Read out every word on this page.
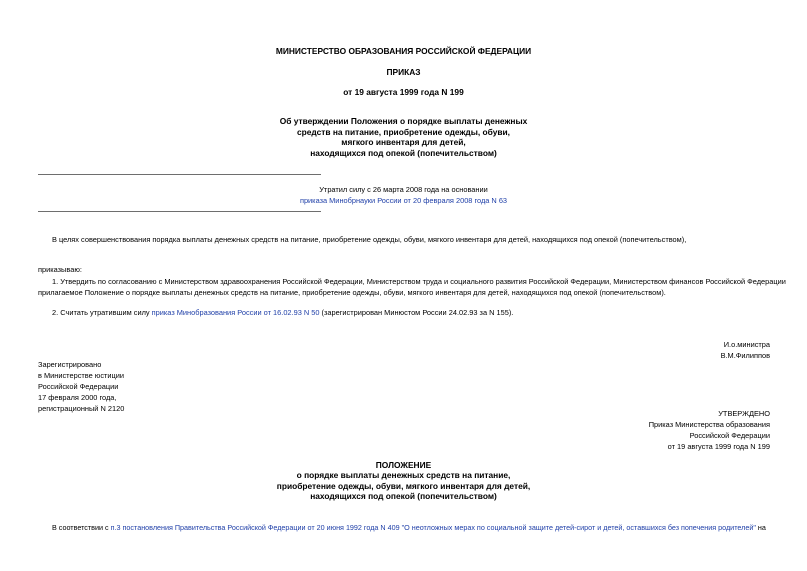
МИНИСТЕРСТВО ОБРАЗОВАНИЯ РОССИЙСКОЙ ФЕДЕРАЦИИ
ПРИКАЗ
от 19 августа 1999 года N 199
Об утверждении Положения о порядке выплаты денежных
средств на питание, приобретение одежды, обуви,
мягкого инвентаря для детей,
находящихся под опекой (попечительством)
Утратил силу с 26 марта 2008 года на основании
приказа Минобрнауки России от 20 февраля 2008 года N 63
В целях совершенствования порядка выплаты денежных средств на питание, приобретение одежды, обуви, мягкого инвентаря для детей, находящихся под опекой (попечительством),
приказываю:
1. Утвердить по согласованию с Министерством здравоохранения Российской Федерации, Министерством труда и социального развития Российской Федерации, Министерством финансов Российской Федерации
прилагаемое Положение о порядке выплаты денежных средств на питание, приобретение одежды, обуви, мягкого инвентаря для детей, находящихся под опекой (попечительством).
2. Считать утратившим силу приказ Минобразования России от 16.02.93 N 50 (зарегистрирован Минюстом России 24.02.93 за N 155).
И.о.министра
В.М.Филиппов
Зарегистрировано
в Министерстве юстиции
Российской Федерации
17 февраля 2000 года,
регистрационный N 2120
УТВЕРЖДЕНО
Приказ Министерства образования
Российской Федерации
от 19 августа 1999 года N 199
ПОЛОЖЕНИЕ
о порядке выплаты денежных средств на питание,
приобретение одежды, обуви, мягкого инвентаря для детей,
находящихся под опекой (попечительством)
В соответствии с п.3 постановления Правительства Российской Федерации от 20 июня 1992 года N 409 "О неотложных мерах по социальной защите детей-сирот и детей, оставшихся без попечения родителей" на
